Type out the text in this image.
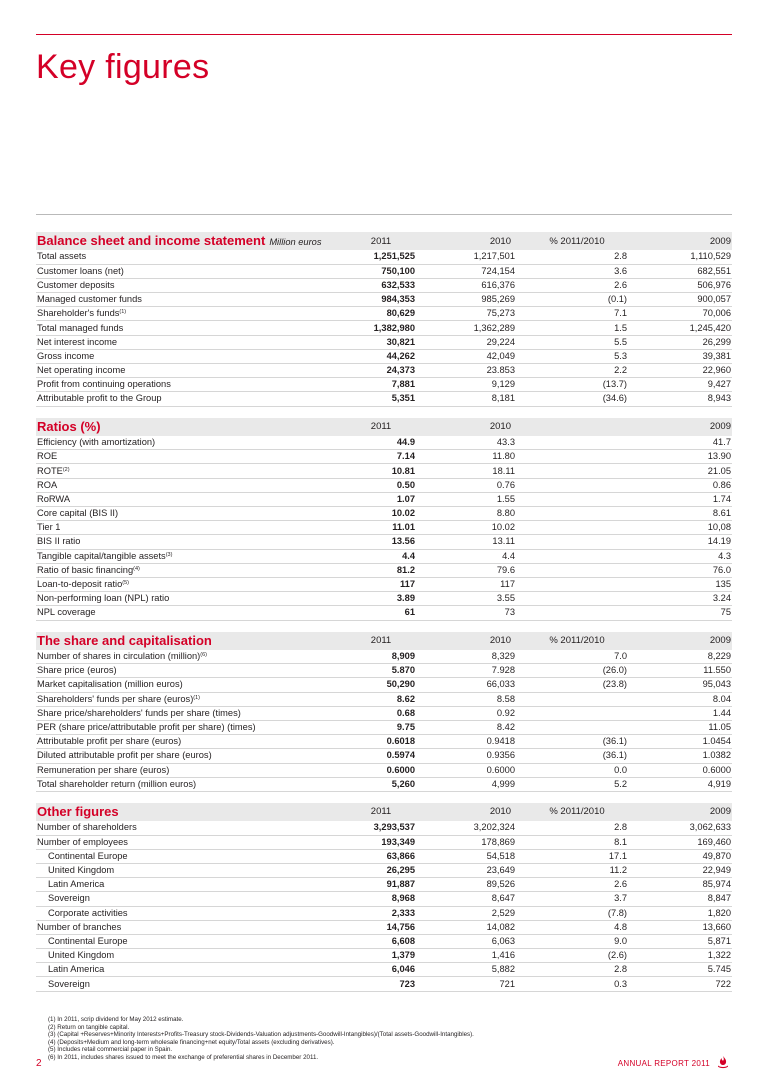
Key figures
Balance sheet and income statement Million euros	2011	2010	% 2011/2010	2009
Total assets	1,251,525	1,217,501	2.8	1,110,529
Customer loans (net)	750,100	724,154	3.6	682,551
Customer deposits	632,533	616,376	2.6	506,976
Managed customer funds	984,353	985,269	(0.1)	900,057
Shareholder's funds$^{(1)}$	80,629	75,273	7.1	70,006
Total managed funds	1,382,980	1,362,289	1.5	1,245,420
Net interest income	30,821	29,224	5.5	26,299
Gross income	44,262	42,049	5.3	39,381
Net operating income	24,373	23.853	2.2	22,960
Profit from continuing operations	7,881	9,129	(13.7)	9,427
Attributable profit to the Group	5,351	8,181	(34.6)	8,943
Ratios (%)	2011	2010		2009
Efficiency (with amortization)	44.9	43.3		41.7
ROE	7.14	11.80		13.90
ROTE$^{(2)}$	10.81	18.11		21.05
ROA	0.50	0.76		0.86
RoRWA	1.07	1.55		1.74
Core capital (BIS II)	10.02	8.80		8.61
Tier 1	11.01	10.02		10,08
BIS II ratio	13.56	13.11		14.19
Tangible capital/tangible assets$^{(3)}$	4.4	4.4		4.3
Ratio of basic financing$^{(4)}$	81.2	79.6		76.0
Loan-to-deposit ratio$^{(5)}$	117	117		135
Non-performing loan (NPL) ratio	3.89	3.55		3.24
NPL coverage	61	73		75
The share and capitalisation	2011	2010	% 2011/2010	2009
Number of shares in circulation (million)$^{(6)}$	8,909	8,329	7.0	8,229
Share price (euros)	5.870	7.928	(26.0)	11.550
Market capitalisation (million euros)	50,290	66,033	(23.8)	95,043
Shareholders' funds per share (euros)$^{(1)}$	8.62	8.58		8.04
Share price/shareholders' funds per share (times)	0.68	0.92		1.44
PER (share price/attributable profit per share) (times)	9.75	8.42		11.05
Attributable profit per share (euros)	0.6018	0.9418	(36.1)	1.0454
Diluted attributable profit per share (euros)	0.5974	0.9356	(36.1)	1.0382
Remuneration per share (euros)	0.6000	0.6000	0.0	0.6000
Total shareholder return (million euros)	5,260	4,999	5.2	4,919
Other figures	2011	2010	% 2011/2010	2009
Number of shareholders	3,293,537	3,202,324	2.8	3,062,633
Number of employees	193,349	178,869	8.1	169,460
Continental Europe	63,866	54,518	17.1	49,870
United Kingdom	26,295	23,649	11.2	22,949
Latin America	91,887	89,526	2.6	85,974
Sovereign	8,968	8,647	3.7	8,847
Corporate activities	2,333	2,529	(7.8)	1,820
Number of branches	14,756	14,082	4.8	13,660
Continental Europe	6,608	6,063	9.0	5,871
United Kingdom	1,379	1,416	(2.6)	1,322
Latin America	6,046	5,882	2.8	5.745
Sovereign	723	721	0.3	722
(1) In 2011, scrip dividend for May 2012 estimate.
(2) Return on tangible capital.
(3) (Capital +Reserves+Minority Interests+Profits-Treasury stock-Dividends-Valuation adjustments-Goodwill-Intangibles)/(Total assets-Goodwill-Intangibles).
(4) (Deposits+Medium and long-term wholesale financing+net equity/Total assets (excluding derivatives).
(5) Includes retail commercial paper in Spain.
(6) In 2011, includes shares issued to meet the exchange of preferential shares in December 2011.
2	ANNUAL REPORT 2011
